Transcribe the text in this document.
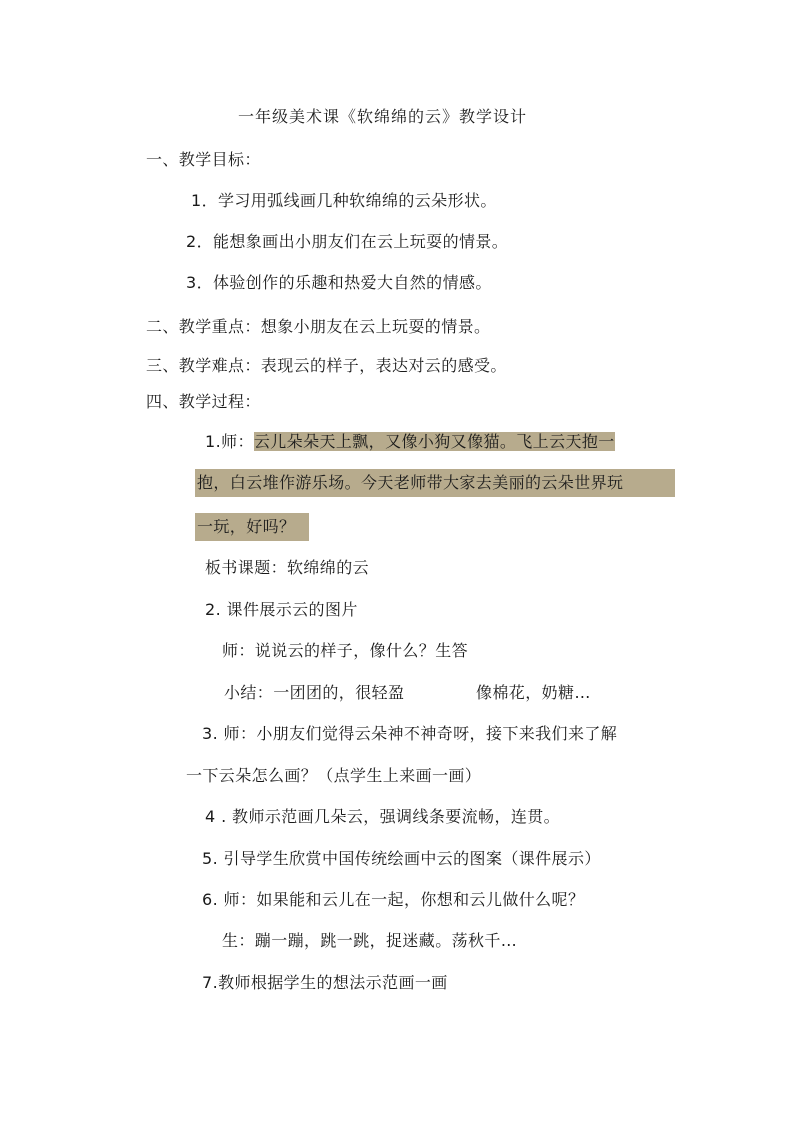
一年级美术课《软绵绵的云》教学设计
一、教学目标：
1．学习用弧线画几种软绵绵的云朵形状。
2．能想象画出小朋友们在云上玩耍的情景。
3．体验创作的乐趣和热爱大自然的情感。
二、教学重点：想象小朋友在云上玩耍的情景。
三、教学难点：表现云的样子，表达对云的感受。
四、教学过程：
1.师：云儿朵朵天上飘，又像小狗又像猫。飞上云天抱一
抱，白云堆作游乐场。今天老师带大家去美丽的云朵世界玩
一玩，好吗？
板书课题：软绵绵的云
2. 课件展示云的图片
师：说说云的样子，像什么？生答
小结：一团团的，很轻盈	像棉花，奶糖…
3. 师：小朋友们觉得云朵神不神奇呀，接下来我们来了解
一下云朵怎么画？（点学生上来画一画）
4 . 教师示范画几朵云，强调线条要流畅，连贯。
5. 引导学生欣赏中国传统绘画中云的图案（课件展示）
6. 师：如果能和云儿在一起，你想和云儿做什么呢？
生：蹦一蹦，跳一跳，捉迷藏。荡秋千…
7.教师根据学生的想法示范画一画
